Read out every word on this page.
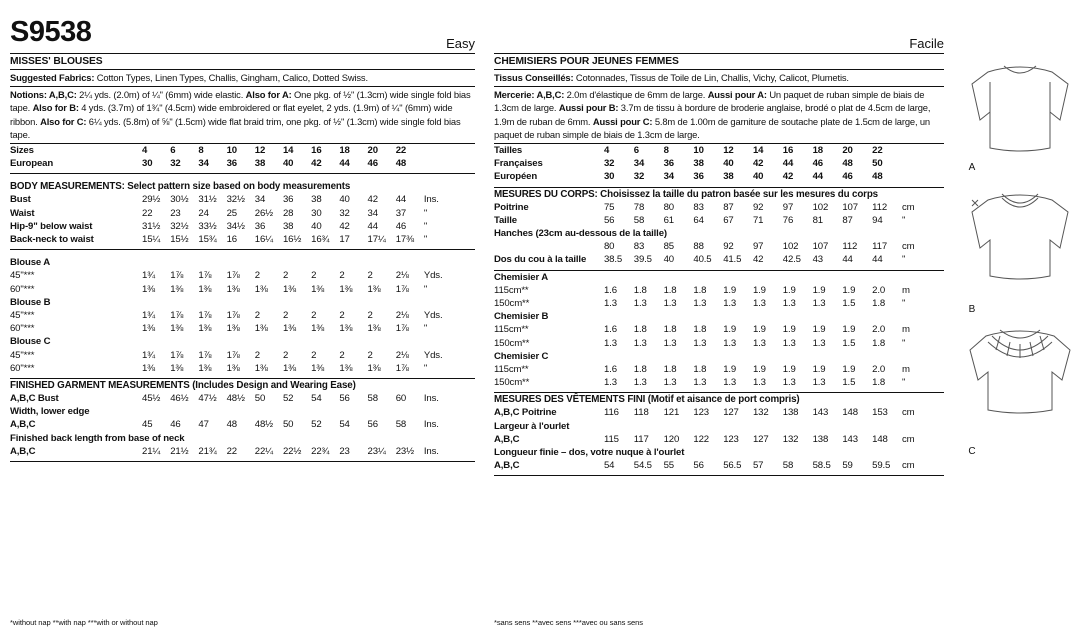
S9538	Easy
MISSES' BLOUSES
Suggested Fabrics: Cotton Types, Linen Types, Challis, Gingham, Calico, Dotted Swiss.
Notions: A,B,C: 2¼ yds. (2.0m) of ¼" (6mm) wide elastic. Also for A: One pkg. of ½" (1.3cm) wide single fold bias tape. Also for B: 4 yds. (3.7m) of 1¾" (4.5cm) wide embroidered or flat eyelet, 2 yds. (1.9m) of ¼" (6mm) wide ribbon. Also for C: 6¼ yds. (5.8m) of ⅝" (1.5cm) wide flat braid trim, one pkg. of ½" (1.3cm) wide single fold bias tape.
Sizes	4	6	8	10	12	14	16	18	20	22	
European	30	32	34	36	38	40	42	44	46	48	
BODY MEASUREMENTS: Select pattern size based on body measurements
Bust	29½	30½	31½	32½	34	36	38	40	42	44	Ins.
Waist	22	23	24	25	26½	28	30	32	34	37	"
Hip-9" below waist	31½	32½	33½	34½	36	38	40	42	44	46	"
Back-neck to waist	15¼	15½	15¾	16	16¼	16½	16¾	17	17¼	17⅜	"
Blouse A											
45"***	1¾	1⅞	1⅞	1⅞	2	2	2	2	2	2⅛	Yds.
60"***	1⅜	1⅜	1⅜	1⅜	1⅜	1⅜	1⅜	1⅜	1⅜	1⅞	"
Blouse B											
45"***	1¾	1⅞	1⅞	1⅞	2	2	2	2	2	2⅛	Yds.
60"***	1⅜	1⅜	1⅜	1⅜	1⅜	1⅜	1⅜	1⅜	1⅜	1⅞	"
Blouse C											
45"***	1¾	1⅞	1⅞	1⅞	2	2	2	2	2	2⅛	Yds.
60"***	1⅜	1⅜	1⅜	1⅜	1⅜	1⅜	1⅜	1⅜	1⅜	1⅞	"
FINISHED GARMENT MEASUREMENTS (Includes Design and Wearing Ease)
A,B,C Bust	45½	46½	47½	48½	50	52	54	56	58	60	Ins.
Width, lower edge											
A,B,C	45	46	47	48	48½	50	52	54	56	58	Ins.
Finished back length from base of neck											
A,B,C	21¼	21½	21¾	22	22¼	22½	22¾	23	23¼	23½	Ins.
*without nap **with nap ***with or without nap
Facile
CHEMISIERS POUR JEUNES FEMMES
Tissus Conseillés: Cotonnades, Tissus de Toile de Lin, Challis, Vichy, Calicot, Plumetis.
Mercerie: A,B,C: 2.0m d'élastique de 6mm de large. Aussi pour A: Un paquet de ruban simple de biais de 1.3cm de large. Aussi pour B: 3.7m de tissu à bordure de broderie anglaise, brodé o plat de 4.5cm de large, 1.9m de ruban de 6mm. Aussi pour C: 5.8m de 1.00m de garniture de soutache plate de 1.5cm de large, un paquet de ruban simple de biais de 1.3cm de large.
Tailles	4	6	8	10	12	14	16	18	20	22	
Françaises	32	34	36	38	40	42	44	46	48	50	
Européen	30	32	34	36	38	40	42	44	46	48	
MESURES DU CORPS: Choisissez la taille du patron basée sur les mesures du corps
Poitrine	75	78	80	83	87	92	97	102	107	112	cm
Taille	56	58	61	64	67	71	76	81	87	94	"
Hanches (23cm au-dessous de la taille)											
	80	83	85	88	92	97	102	107	112	117	cm
Dos du cou à la taille	38.5	39.5	40	40.5	41.5	42	42.5	43	44	44	"
Chemisier A											
115cm**	1.6	1.8	1.8	1.8	1.9	1.9	1.9	1.9	1.9	2.0	m
150cm**	1.3	1.3	1.3	1.3	1.3	1.3	1.3	1.3	1.5	1.8	"
Chemisier B											
115cm**	1.6	1.8	1.8	1.8	1.9	1.9	1.9	1.9	1.9	2.0	m
150cm**	1.3	1.3	1.3	1.3	1.3	1.3	1.3	1.3	1.5	1.8	"
Chemisier C											
115cm**	1.6	1.8	1.8	1.8	1.9	1.9	1.9	1.9	1.9	2.0	m
150cm**	1.3	1.3	1.3	1.3	1.3	1.3	1.3	1.3	1.5	1.8	"
MESURES DES VÊTEMENTS FINI (Motif et aisance de port compris)
A,B,C Poitrine	116	118	121	123	127	132	138	143	148	153	cm
Largeur à l'ourlet											
A,B,C	115	117	120	122	123	127	132	138	143	148	cm
Longueur finie – dos, votre nuque à l'ourlet											
A,B,C	54	54.5	55	56	56.5	57	58	58.5	59	59.5	cm
*sans sens **avec sens ***avec ou sans sens
A
B
C
